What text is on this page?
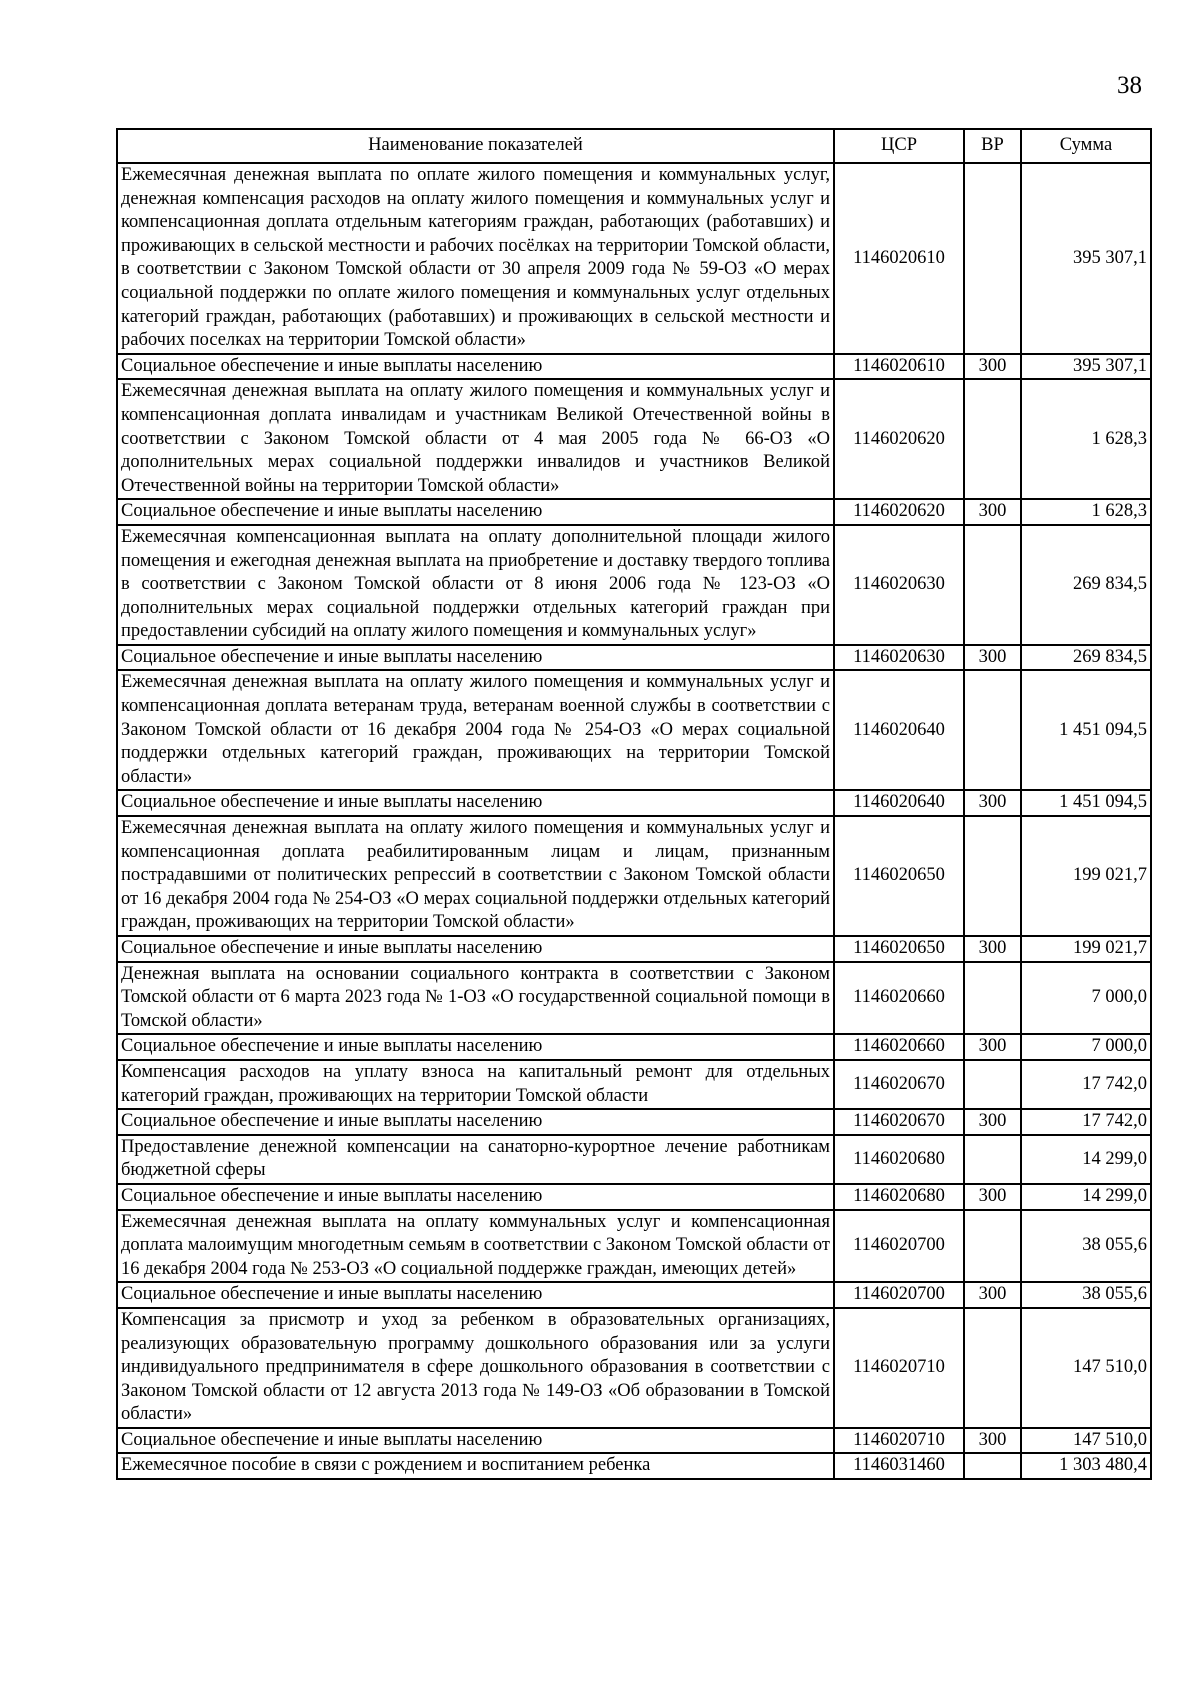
38
Наименование показателей	ЦСР	ВР	Сумма
Ежемесячная денежная выплата по оплате жилого помещения и коммунальных услуг, денежная компенсация расходов на оплату жилого помещения и коммунальных услуг и компенсационная доплата отдельным категориям граждан, работающих (работавших) и проживающих в сельской местности и рабочих посёлках на территории Томской области, в соответствии с Законом Томской области от 30 апреля 2009 года № 59-ОЗ «О мерах социальной поддержки по оплате жилого помещения и коммунальных услуг отдельных категорий граждан, работающих (работавших) и проживающих в сельской местности и рабочих поселках на территории Томской области»	1146020610		395 307,1
Социальное обеспечение и иные выплаты населению	1146020610	300	395 307,1
Ежемесячная денежная выплата на оплату жилого помещения и коммунальных услуг и компенсационная доплата инвалидам и участникам Великой Отечественной войны в соответствии с Законом Томской области от 4 мая 2005 года № 66-ОЗ «О дополнительных мерах социальной поддержки инвалидов и участников Великой Отечественной войны на территории Томской области»	1146020620		1 628,3
Социальное обеспечение и иные выплаты населению	1146020620	300	1 628,3
Ежемесячная компенсационная выплата на оплату дополнительной площади жилого помещения и ежегодная денежная выплата на приобретение и доставку твердого топлива в соответствии с Законом Томской области от 8 июня 2006 года № 123-ОЗ «О дополнительных мерах социальной поддержки отдельных категорий граждан при предоставлении субсидий на оплату жилого помещения и коммунальных услуг»	1146020630		269 834,5
Социальное обеспечение и иные выплаты населению	1146020630	300	269 834,5
Ежемесячная денежная выплата на оплату жилого помещения и коммунальных услуг и компенсационная доплата ветеранам труда, ветеранам военной службы в соответствии с Законом Томской области от 16 декабря 2004 года № 254-ОЗ «О мерах социальной поддержки отдельных категорий граждан, проживающих на территории Томской области»	1146020640		1 451 094,5
Социальное обеспечение и иные выплаты населению	1146020640	300	1 451 094,5
Ежемесячная денежная выплата на оплату жилого помещения и коммунальных услуг и компенсационная доплата реабилитированным лицам и лицам, признанным пострадавшими от политических репрессий в соответствии с Законом Томской области от 16 декабря 2004 года № 254-ОЗ «О мерах социальной поддержки отдельных категорий граждан, проживающих на территории Томской области»	1146020650		199 021,7
Социальное обеспечение и иные выплаты населению	1146020650	300	199 021,7
Денежная выплата на основании социального контракта в соответствии с Законом Томской области от 6 марта 2023 года № 1-ОЗ «О государственной социальной помощи в Томской области»	1146020660		7 000,0
Социальное обеспечение и иные выплаты населению	1146020660	300	7 000,0
Компенсация расходов на уплату взноса на капитальный ремонт для отдельных категорий граждан, проживающих на территории Томской области	1146020670		17 742,0
Социальное обеспечение и иные выплаты населению	1146020670	300	17 742,0
Предоставление денежной компенсации на санаторно-курортное лечение работникам бюджетной сферы	1146020680		14 299,0
Социальное обеспечение и иные выплаты населению	1146020680	300	14 299,0
Ежемесячная денежная выплата на оплату коммунальных услуг и компенсационная доплата малоимущим многодетным семьям в соответствии с Законом Томской области от 16 декабря 2004 года № 253-ОЗ «О социальной поддержке граждан, имеющих детей»	1146020700		38 055,6
Социальное обеспечение и иные выплаты населению	1146020700	300	38 055,6
Компенсация за присмотр и уход за ребенком в образовательных организациях, реализующих образовательную программу дошкольного образования или за услуги индивидуального предпринимателя в сфере дошкольного образования в соответствии с Законом Томской области от 12 августа 2013 года № 149-ОЗ «Об образовании в Томской области»	1146020710		147 510,0
Социальное обеспечение и иные выплаты населению	1146020710	300	147 510,0
Ежемесячное пособие в связи с рождением и воспитанием ребенка	1146031460		1 303 480,4
